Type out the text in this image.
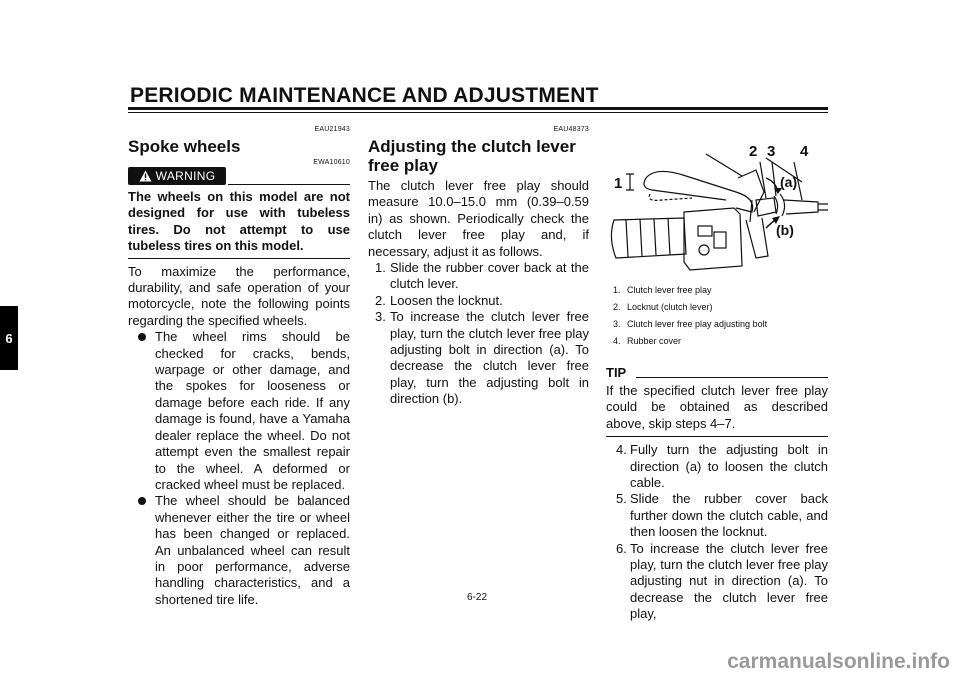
PERIODIC MAINTENANCE AND ADJUSTMENT
6
EAU21943
Spoke wheels
EWA10610
WARNING
The wheels on this model are not designed for use with tubeless tires. Do not attempt to use tubeless tires on this model.
To maximize the performance, durability, and safe operation of your motorcycle, note the following points regarding the specified wheels.
The wheel rims should be checked for cracks, bends, warpage or other damage, and the spokes for looseness or damage before each ride. If any damage is found, have a Yamaha dealer replace the wheel. Do not attempt even the smallest repair to the wheel. A deformed or cracked wheel must be replaced.
The wheel should be balanced whenever either the tire or wheel has been changed or replaced. An unbalanced wheel can result in poor performance, adverse handling characteristics, and a shortened tire life.
EAU48373
Adjusting the clutch lever free play
The clutch lever free play should measure 10.0–15.0 mm (0.39–0.59 in) as shown. Periodically check the clutch lever free play and, if necessary, adjust it as follows.
1. Slide the rubber cover back at the clutch lever.
2. Loosen the locknut.
3. To increase the clutch lever free play, turn the clutch lever free play adjusting bolt in direction (a). To decrease the clutch lever free play, turn the adjusting bolt in direction (b).
1
2 3 4
(a)
(b)
1. Clutch lever free play
2. Locknut (clutch lever)
3. Clutch lever free play adjusting bolt
4. Rubber cover
TIP
If the specified clutch lever free play could be obtained as described above, skip steps 4–7.
4. Fully turn the adjusting bolt in direction (a) to loosen the clutch cable.
5. Slide the rubber cover back further down the clutch cable, and then loosen the locknut.
6. To increase the clutch lever free play, turn the clutch lever free play adjusting nut in direction (a). To decrease the clutch lever free play,
6-22
carmanualsonline.info
